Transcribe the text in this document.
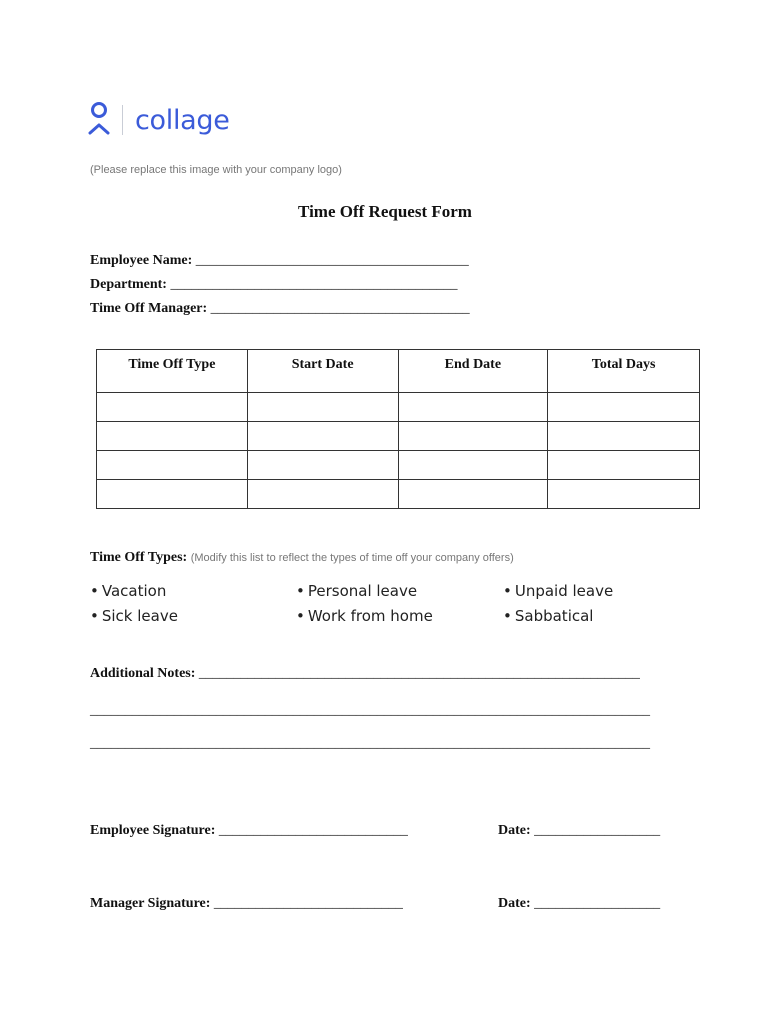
collage
(Please replace this image with your company logo)
Time Off Request Form
Employee Name: _______________________________________
Department: _________________________________________
Time Off Manager: _____________________________________
Time Off Type	Start Date	End Date	Total Days

Time Off Types: (Modify this list to reflect the types of time off your company offers)
• Vacation
• Sick leave
• Personal leave
• Work from home
• Unpaid leave
• Sabbatical
Additional Notes: _______________________________________________________________
________________________________________________________________________________
________________________________________________________________________________
Employee Signature: ___________________________	Date: __________________
Manager Signature: ___________________________	Date: __________________
